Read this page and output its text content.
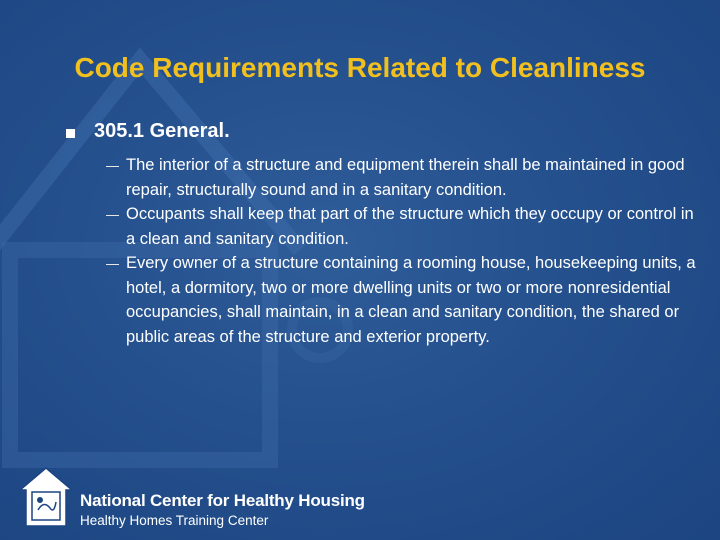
Code Requirements Related to Cleanliness
305.1 General.
The interior of a structure and equipment therein shall be maintained in good repair, structurally sound and in a sanitary condition.
Occupants shall keep that part of the structure which they occupy or control in a clean and sanitary condition.
Every owner of a structure containing a rooming house, housekeeping units, a hotel, a dormitory, two or more dwelling units or two or more nonresidential occupancies, shall maintain, in a clean and sanitary condition, the shared or public areas of the structure and exterior property.
National Center for Healthy Housing
Healthy Homes Training Center
